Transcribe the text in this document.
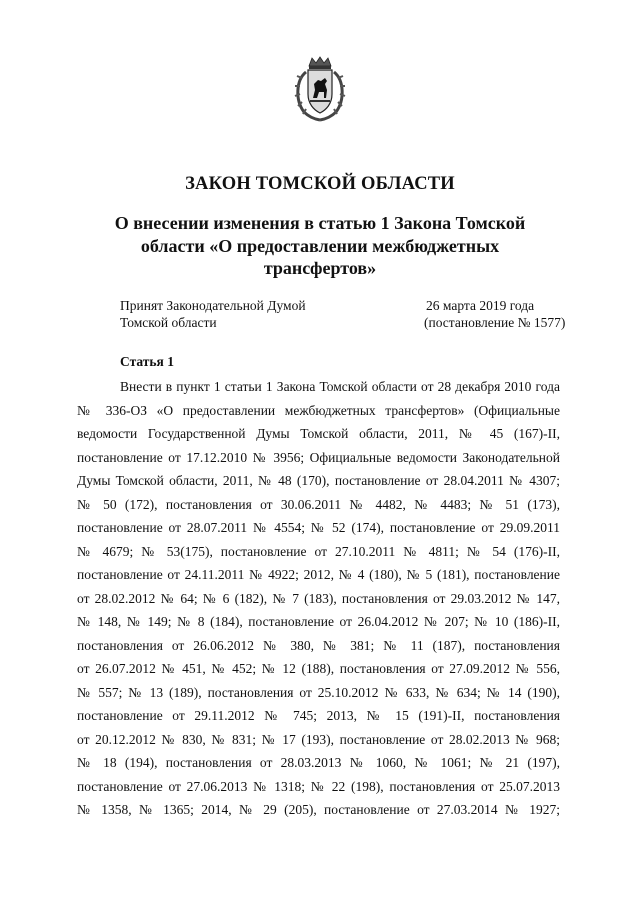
ЗАКОН ТОМСКОЙ ОБЛАСТИ
О внесении изменения в статью 1 Закона Томской
области «О предоставлении межбюджетных
трансфертов»
Принят Законодательной Думой
Томской области
26 марта 2019 года
(постановление № 1577)
Статья 1
Внести в пункт 1 статьи 1 Закона Томской области от 28 декабря 2010 года
№ 336-ОЗ «О предоставлении межбюджетных трансфертов» (Официальные
ведомости Государственной Думы Томской области, 2011, № 45 (167)-II,
постановление от 17.12.2010 № 3956; Официальные ведомости Законодательной
Думы Томской области, 2011, № 48 (170), постановление от 28.04.2011 № 4307;
№ 50 (172), постановления от 30.06.2011 № 4482, № 4483; № 51 (173),
постановление от 28.07.2011 № 4554; № 52 (174), постановление от 29.09.2011
№ 4679; № 53(175), постановление от 27.10.2011 № 4811; № 54 (176)-II,
постановление от 24.11.2011 № 4922; 2012, № 4 (180), № 5 (181), постановление
от 28.02.2012 № 64; № 6 (182), № 7 (183), постановления от 29.03.2012 № 147,
№ 148, № 149; № 8 (184), постановление от 26.04.2012 № 207; № 10 (186)-II,
постановления от 26.06.2012 № 380, № 381; № 11 (187), постановления
от 26.07.2012 № 451, № 452; № 12 (188), постановления от 27.09.2012 № 556,
№ 557; № 13 (189), постановления от 25.10.2012 № 633, № 634; № 14 (190),
постановление от 29.11.2012 № 745; 2013, № 15 (191)-II, постановления
от 20.12.2012 № 830, № 831; № 17 (193), постановление от 28.02.2013 № 968;
№ 18 (194), постановления от 28.03.2013 № 1060, № 1061; № 21 (197),
постановление от 27.06.2013 № 1318; № 22 (198), постановления от 25.07.2013
№ 1358, № 1365; 2014, № 29 (205), постановление от 27.03.2014 № 1927;
